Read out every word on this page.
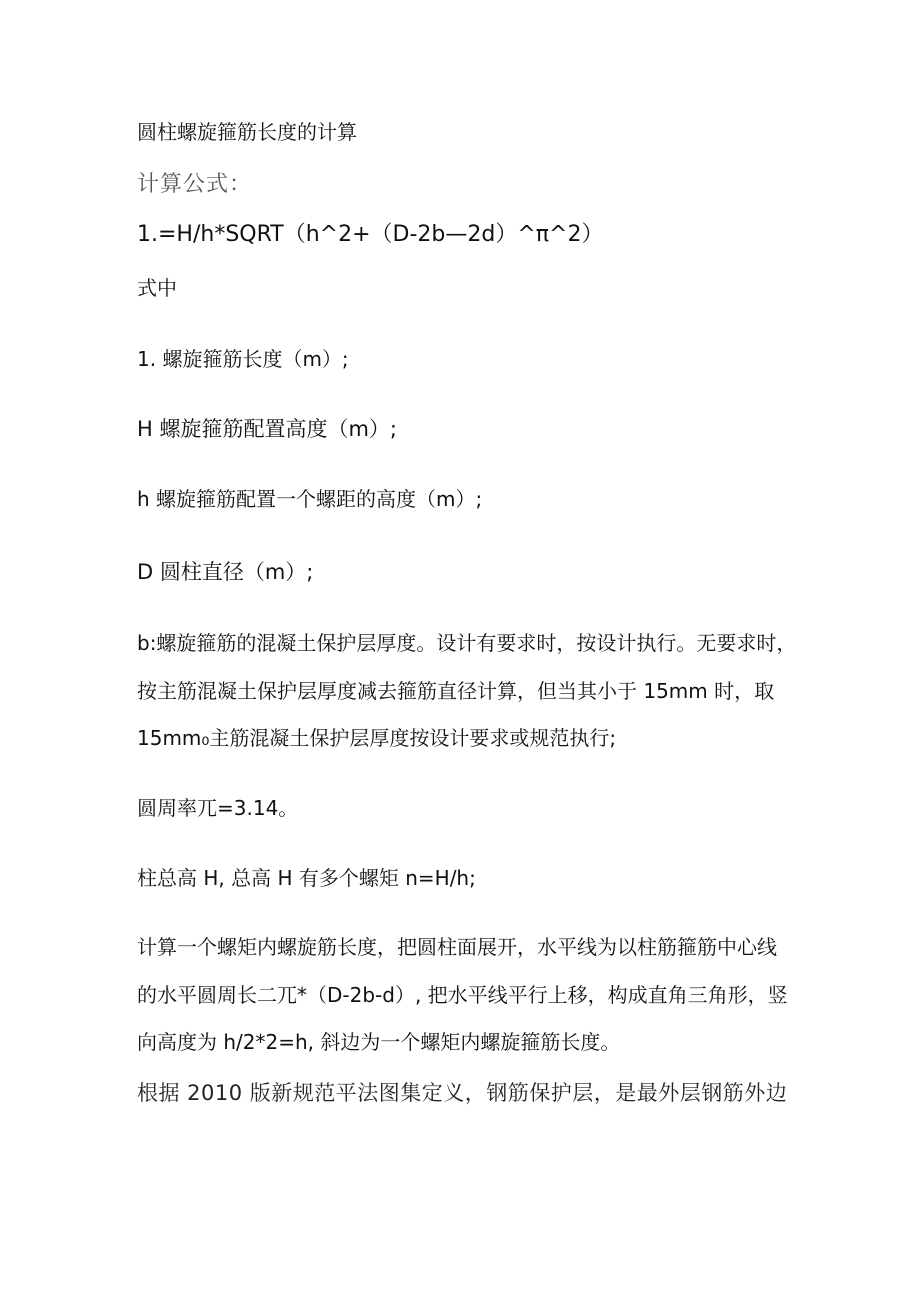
圆柱螺旋箍筋长度的计算
计算公式：
1.=H/h*SQRT（h^2+（D-2b—2d）^π^2）
式中
1. 螺旋箍筋长度（m）;
H 螺旋箍筋配置高度（m）;
h 螺旋箍筋配置一个螺距的高度（m）;
D 圆柱直径（m）;
b:螺旋箍筋的混凝土保护层厚度。设计有要求时，按设计执行。无要求时，
按主筋混凝土保护层厚度减去箍筋直径计算，但当其小于 15mm 时，取
15mm₀主筋混凝土保护层厚度按设计要求或规范执行;
圆周率兀=3.14。
柱总高 H, 总高 H 有多个螺矩 n=H/h;
计算一个螺矩内螺旋筋长度，把圆柱面展开，水平线为以柱筋箍筋中心线
的水平圆周长二兀*（D-2b-d）, 把水平线平行上移，构成直角三角形，竖
向高度为 h/2*2=h, 斜边为一个螺矩内螺旋箍筋长度。
根据 2010 版新规范平法图集定义，钢筋保护层，是最外层钢筋外边
